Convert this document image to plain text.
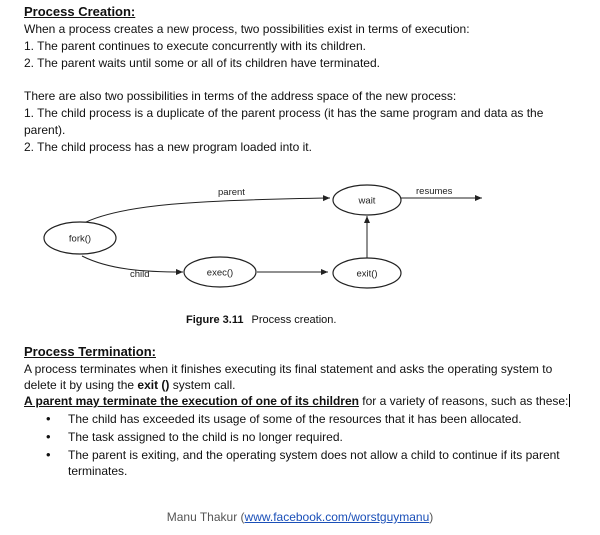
Process Creation:
When a process creates a new process, two possibilities exist in terms of execution:
1. The parent continues to execute concurrently with its children.
2. The parent waits until some or all of its children have terminated.
There are also two possibilities in terms of the address space of the new process:
1. The child process is a duplicate of the parent process (it has the same program and data as the
parent).
2. The child process has a new program loaded into it.
fork()
wait
exec()	exit()
parent	resumes
child
Figure 3.11 Process creation.
Process Termination:
A process terminates when it finishes executing its final statement and asks the operating system to
delete it by using the exit () system call.
A parent may terminate the execution of one of its children for a variety of reasons, such as these:
• The child has exceeded its usage of some of the resources that it has been allocated.
• The task assigned to the child is no longer required.
• The parent is exiting, and the operating system does not allow a child to continue if its parent terminates.
Manu Thakur (www.facebook.com/worstguymanu)
